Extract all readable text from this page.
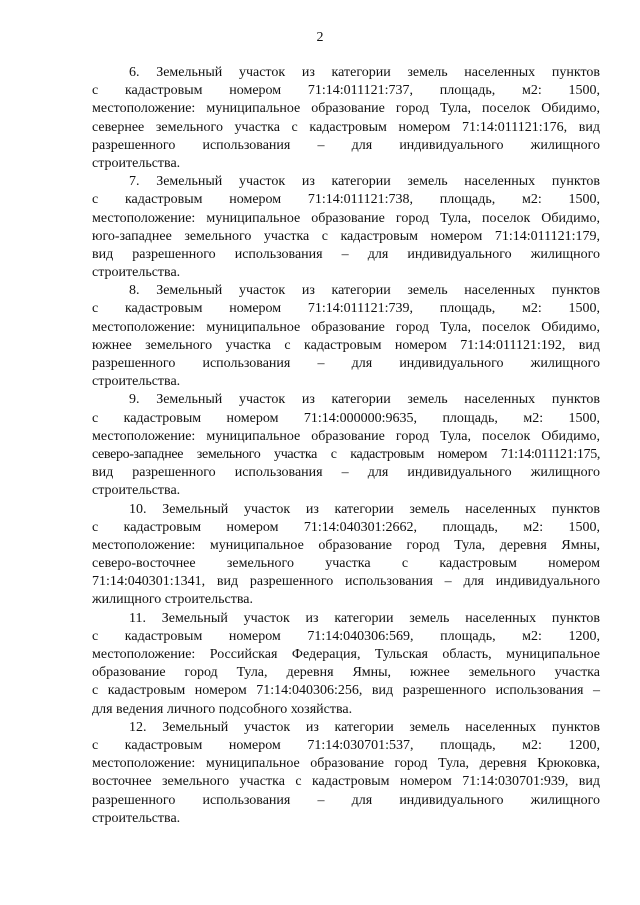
2
6. Земельный участок из категории земель населенных пунктов
с кадастровым номером 71:14:011121:737, площадь, м2: 1500,
местоположение: муниципальное образование город Тула, поселок Обидимо,
севернее земельного участка с кадастровым номером 71:14:011121:176, вид
разрешенного использования – для индивидуального жилищного
строительства.
7. Земельный участок из категории земель населенных пунктов
с кадастровым номером 71:14:011121:738, площадь, м2: 1500,
местоположение: муниципальное образование город Тула, поселок Обидимо,
юго-западнее земельного участка с кадастровым номером 71:14:011121:179,
вид разрешенного использования – для индивидуального жилищного
строительства.
8. Земельный участок из категории земель населенных пунктов
с кадастровым номером 71:14:011121:739, площадь, м2: 1500,
местоположение: муниципальное образование город Тула, поселок Обидимо,
южнее земельного участка с кадастровым номером 71:14:011121:192, вид
разрешенного использования – для индивидуального жилищного
строительства.
9. Земельный участок из категории земель населенных пунктов
с кадастровым номером 71:14:000000:9635, площадь, м2: 1500,
местоположение: муниципальное образование город Тула, поселок Обидимо,
северо-западнее земельного участка с кадастровым номером 71:14:011121:175,
вид разрешенного использования – для индивидуального жилищного
строительства.
10. Земельный участок из категории земель населенных пунктов
с кадастровым номером 71:14:040301:2662, площадь, м2: 1500,
местоположение: муниципальное образование город Тула, деревня Ямны,
северо-восточнее земельного участка с кадастровым номером
71:14:040301:1341, вид разрешенного использования – для индивидуального
жилищного строительства.
11. Земельный участок из категории земель населенных пунктов
с кадастровым номером 71:14:040306:569, площадь, м2: 1200,
местоположение: Российская Федерация, Тульская область, муниципальное
образование город Тула, деревня Ямны, южнее земельного участка
с кадастровым номером 71:14:040306:256, вид разрешенного использования –
для ведения личного подсобного хозяйства.
12. Земельный участок из категории земель населенных пунктов
с кадастровым номером 71:14:030701:537, площадь, м2: 1200,
местоположение: муниципальное образование город Тула, деревня Крюковка,
восточнее земельного участка с кадастровым номером 71:14:030701:939, вид
разрешенного использования – для индивидуального жилищного
строительства.
